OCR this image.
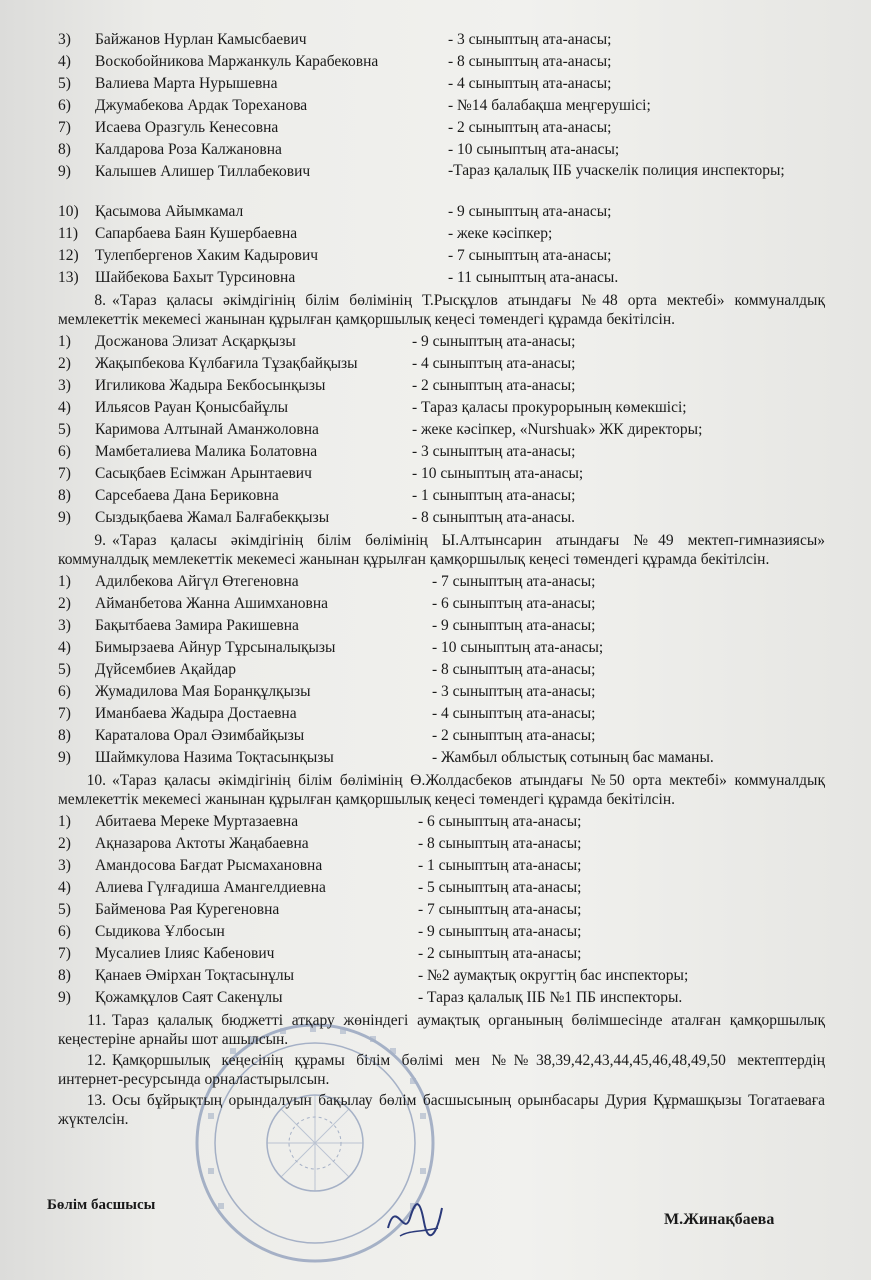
3) Байжанов Нурлан Камысбаевич	- 3 сыныптың ата-анасы;
4) Воскобойникова Маржанкуль Карабековна	- 8 сыныптың ата-анасы;
5) Валиева Марта Нурышевна	- 4 сыныптың ата-анасы;
6) Джумабекова Ардак Тореханова	- №14 балабақша меңгерушісі;
7) Исаева Оразгуль Кенесовна	- 2 сыныптың ата-анасы;
8) Калдарова Роза Калжановна	- 10 сыныптың ата-анасы;
9) Калышев Алишер Тиллабекович	-Тараз қалалық ІІБ учаскелік полиция инспекторы;
10) Қасымова Айымкамал	- 9 сыныптың ата-анасы;
11) Сапарбаева Баян Кушербаевна	- жеке кәсіпкер;
12) Тулепбергенов Хаким Кадырович	- 7 сыныптың ата-анасы;
13) Шайбекова Бахыт Турсиновна	- 11 сыныптың ата-анасы.
8. «Тараз қаласы әкімдігінің білім бөлімінің Т.Рысқұлов атындағы №48 орта мектебі» коммуналдық мемлекеттік мекемесі жанынан құрылған қамқоршылық кеңесі төмендегі құрамда бекітілсін.
1) Досжанова Элизат Асқарқызы	- 9 сыныптың ата-анасы;
2) Жақыпбекова Күлбағила Тұзақбайқызы	- 4 сыныптың ата-анасы;
3) Игиликова Жадыра Бекбосынқызы	- 2 сыныптың ата-анасы;
4) Ильясов Рауан Қонысбайұлы	- Тараз қаласы прокурорының көмекшісі;
5) Каримова Алтынай Аманжоловна	- жеке кәсіпкер, «Nurshuak» ЖК директоры;
6) Мамбеталиева Малика Болатовна	- 3 сыныптың ата-анасы;
7) Сасықбаев Есімжан Арынтаевич	- 10 сыныптың ата-анасы;
8) Сарсебаева Дана Бериковна	- 1 сыныптың ата-анасы;
9) Сыздықбаева Жамал Балғабекқызы	- 8 сыныптың ата-анасы.
9. «Тараз қаласы әкімдігінің білім бөлімінің Ы.Алтынсарин атындағы №49 мектеп-гимназиясы» коммуналдық мемлекеттік мекемесі жанынан құрылған қамқоршылық кеңесі төмендегі құрамда бекітілсін.
1) Адилбекова Айгүл Өтегеновна	- 7 сыныптың ата-анасы;
2) Айманбетова Жанна Ашимхановна	- 6 сыныптың ата-анасы;
3) Бақытбаева Замира Ракишевна	- 9 сыныптың ата-анасы;
4) Бимырзаева Айнур Тұрсыналықызы	- 10 сыныптың ата-анасы;
5) Дүйсембиев Ақайдар	- 8 сыныптың ата-анасы;
6) Жумадилова Мая Боранқұлқызы	- 3 сыныптың ата-анасы;
7) Иманбаева Жадыра Достаевна	- 4 сыныптың ата-анасы;
8) Караталова Орал Әзимбайқызы	- 2 сыныптың ата-анасы;
9) Шаймкулова Назима Тоқтасынқызы	- Жамбыл облыстық сотының бас маманы.
10. «Тараз қаласы әкімдігінің білім бөлімінің Ө.Жолдасбеков атындағы №50 орта мектебі» коммуналдық мемлекеттік мекемесі жанынан құрылған қамқоршылық кеңесі төмендегі құрамда бекітілсін.
1) Абитаева Мереке Муртазаевна	- 6 сыныптың ата-анасы;
2) Ақназарова Актоты Жаңабаевна	- 8 сыныптың ата-анасы;
3) Амандосова Бағдат Рысмахановна	- 1 сыныптың ата-анасы;
4) Алиева Гүлғадиша Амангелдиевна	- 5 сыныптың ата-анасы;
5) Байменова Рая Курегеновна	- 7 сыныптың ата-анасы;
6) Сыдикова Ұлбосын	- 9 сыныптың ата-анасы;
7) Мусалиев Ілияс Кабенович	- 2 сыныптың ата-анасы;
8) Қанаев Әмірхан Тоқтасынұлы	- №2 аумақтық округтің бас инспекторы;
9) Қожамқұлов Саят Сакенұлы	- Тараз қалалық ІІБ №1 ПБ инспекторы.
11. Тараз қалалық бюджетті атқару жөніндегі аумақтық органының бөлімшесінде аталған қамқоршылық кеңестеріне арнайы шот ашылсын.
12. Қамқоршылық кеңесінің құрамы білім бөлімі мен №№38,39,42,43,44,45,46,48,49,50 мектептердің интернет-ресурсында орналастырылсын.
13. Осы бұйрықтың орындалуын бақылау бөлім басшысының орынбасары Дурия Құрмашқызы Тогатаеваға жүктелсін.
Бөлім басшысы
М.Жинақбаева
